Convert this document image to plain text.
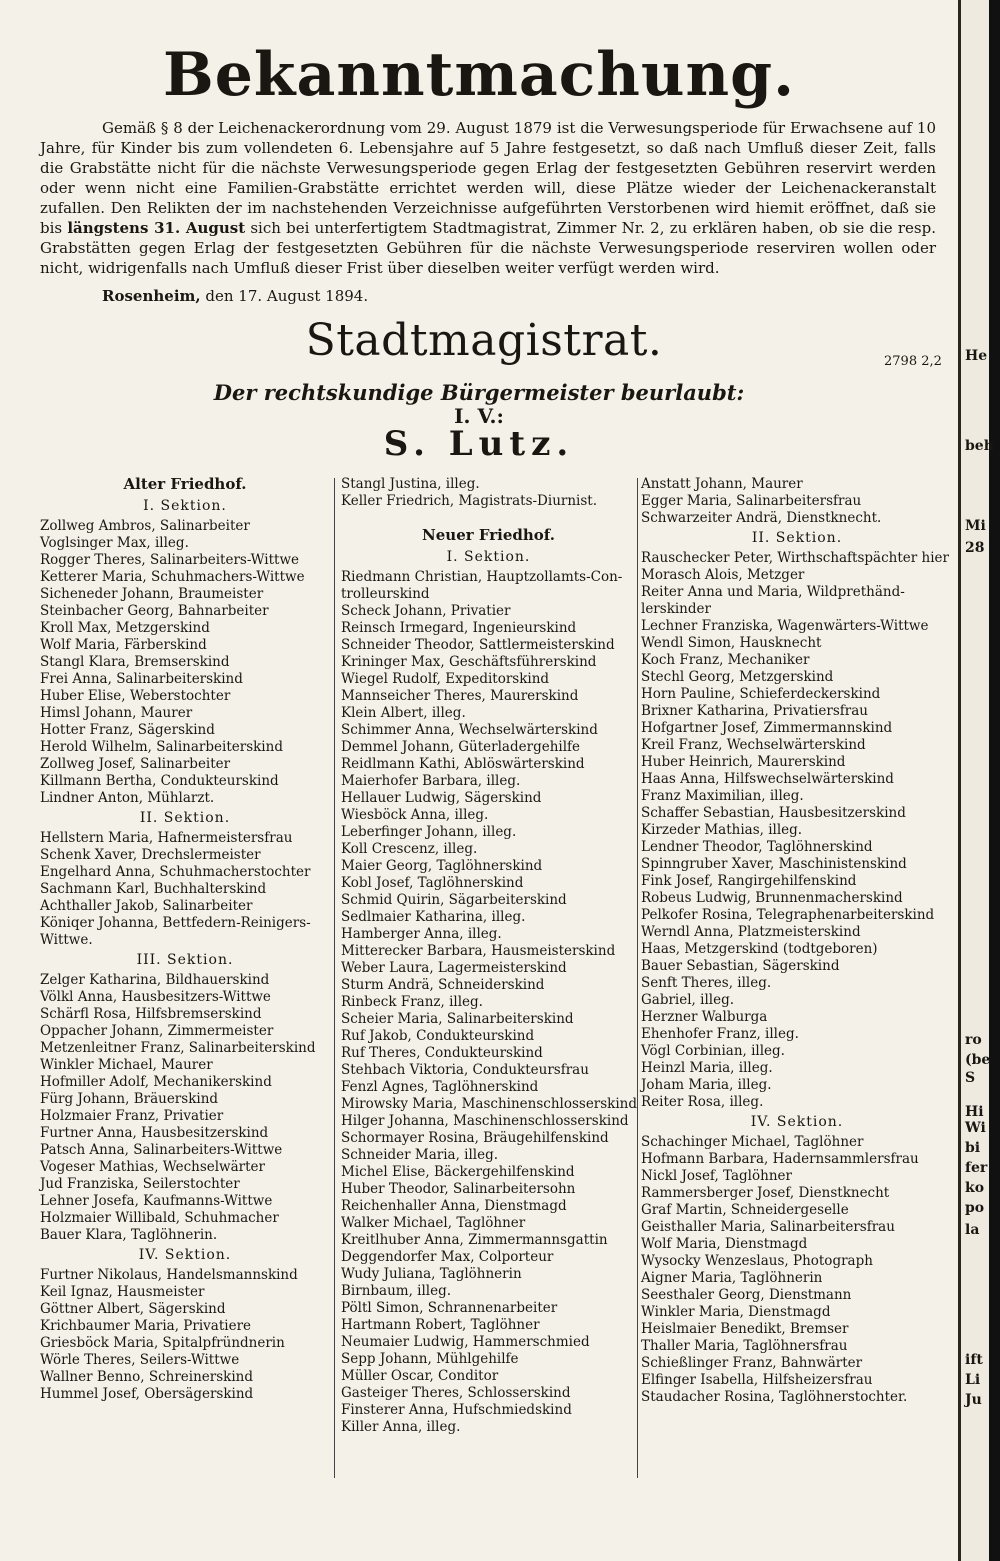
Bekanntmachung.

Gemäß § 8 der Leichenackerordnung vom 29. August 1879 ist die Verwesungsperiode für Erwachsene auf 10 Jahre, für Kinder bis zum vollendeten 6. Lebensjahre auf 5 Jahre festgesetzt, so daß nach Umfluß dieser Zeit, falls die Grabstätte nicht für die nächste Verwesungsperiode gegen Erlag der festgesetzten Gebühren reservirt werden oder wenn nicht eine Familien-Grabstätte errichtet werden will, diese Plätze wieder der Leichenackeranstalt zufallen. Den Relikten der im nachstehenden Verzeichnisse aufgeführten Verstorbenen wird hiemit eröffnet, daß sie bis längstens 31. August sich bei unterfertigtem Stadtmagistrat, Zimmer Nr. 2, zu erklären haben, ob sie die resp. Grabstätten gegen Erlag der festgesetzten Gebühren für die nächste Verwesungsperiode reserviren wollen oder nicht, widrigenfalls nach Umfluß dieser Frist über dieselben weiter verfügt werden wird.

Rosenheim, den 17. August 1894.
Stadtmagistrat.	2798 2,2
Der rechtskundige Bürgermeister beurlaubt:
I. V.:
S. Lutz.
Alter Friedhof.
I. Sektion.
Zollweg Ambros, Salinarbeiter
Voglsinger Max, illeg.
Rogger Theres, Salinarbeiters-Wittwe
Ketterer Maria, Schuhmachers-Wittwe
Sicheneder Johann, Braumeister
Steinbacher Georg, Bahnarbeiter
Kroll Max, Metzgerskind
Wolf Maria, Färberskind
Stangl Klara, Bremserskind
Frei Anna, Salinarbeiterskind
Huber Elise, Weberstochter
Himsl Johann, Maurer
Hotter Franz, Sägerskind
Herold Wilhelm, Salinarbeiterskind
Zollweg Josef, Salinarbeiter
Killmann Bertha, Condukteurskind
Lindner Anton, Mühlarzt.
II. Sektion.
Hellstern Maria, Hafnermeistersfrau
Schenk Xaver, Drechslermeister
Engelhard Anna, Schuhmacherstochter
Sachmann Karl, Buchhalterskind
Achthaller Jakob, Salinarbeiter
Köniqer Johanna, Bettfedern-Reinigers-
Wittwe.
III. Sektion.
Zelger Katharina, Bildhauerskind
Völkl Anna, Hausbesitzers-Wittwe
Schärfl Rosa, Hilfsbremserskind
Oppacher Johann, Zimmermeister
Metzenleitner Franz, Salinarbeiterskind
Winkler Michael, Maurer
Hofmiller Adolf, Mechanikerskind
Fürg Johann, Bräuerskind
Holzmaier Franz, Privatier
Furtner Anna, Hausbesitzerskind
Patsch Anna, Salinarbeiters-Wittwe
Vogeser Mathias, Wechselwärter
Jud Franziska, Seilerstochter
Lehner Josefa, Kaufmanns-Wittwe
Holzmaier Willibald, Schuhmacher
Bauer Klara, Taglöhnerin.
IV. Sektion.
Furtner Nikolaus, Handelsmannskind
Keil Ignaz, Hausmeister
Göttner Albert, Sägerskind
Krichbaumer Maria, Privatiere
Griesböck Maria, Spitalpfründnerin
Wörle Theres, Seilers-Wittwe
Wallner Benno, Schreinerskind
Hummel Josef, Obersägerskind
Stangl Justina, illeg.
Keller Friedrich, Magistrats-Diurnist.
Neuer Friedhof.
I. Sektion.
Riedmann Christian, Hauptzollamts-Con-
trolleurskind
Scheck Johann, Privatier
Reinsch Irmegard, Ingenieurskind
Schneider Theodor, Sattlermeisterskind
Krininger Max, Geschäftsführerskind
Wiegel Rudolf, Expeditorskind
Mannseicher Theres, Maurerskind
Klein Albert, illeg.
Schimmer Anna, Wechselwärterskind
Demmel Johann, Güterladergehilfe
Reidlmann Kathi, Ablöswärterskind
Maierhofer Barbara, illeg.
Hellauer Ludwig, Sägerskind
Wiesböck Anna, illeg.
Leberfinger Johann, illeg.
Koll Crescenz, illeg.
Maier Georg, Taglöhnerskind
Kobl Josef, Taglöhnerskind
Schmid Quirin, Sägarbeiterskind
Sedlmaier Katharina, illeg.
Hamberger Anna, illeg.
Mitterecker Barbara, Hausmeisterskind
Weber Laura, Lagermeisterskind
Sturm Andrä, Schneiderskind
Rinbeck Franz, illeg.
Scheier Maria, Salinarbeiterskind
Ruf Jakob, Condukteurskind
Ruf Theres, Condukteurskind
Stehbach Viktoria, Condukteursfrau
Fenzl Agnes, Taglöhnerskind
Mirowsky Maria, Maschinenschlosserskind
Hilger Johanna, Maschinenschlosserskind
Schormayer Rosina, Bräugehilfenskind
Schneider Maria, illeg.
Michel Elise, Bäckergehilfenskind
Huber Theodor, Salinarbeitersohn
Reichenhaller Anna, Dienstmagd
Walker Michael, Taglöhner
Kreitlhuber Anna, Zimmermannsgattin
Deggendorfer Max, Colporteur
Wudy Juliana, Taglöhnerin
Birnbaum, illeg.
Pöltl Simon, Schrannenarbeiter
Hartmann Robert, Taglöhner
Neumaier Ludwig, Hammerschmied
Sepp Johann, Mühlgehilfe
Müller Oscar, Conditor
Gasteiger Theres, Schlosserskind
Finsterer Anna, Hufschmiedskind
Killer Anna, illeg.
Anstatt Johann, Maurer
Egger Maria, Salinarbeitersfrau
Schwarzeiter Andrä, Dienstknecht.
II. Sektion.
Rauschecker Peter, Wirthschaftspächter hier
Morasch Alois, Metzger
Reiter Anna und Maria, Wildprethänd-
lerskinder
Lechner Franziska, Wagenwärters-Wittwe
Wendl Simon, Hausknecht
Koch Franz, Mechaniker
Stechl Georg, Metzgerskind
Horn Pauline, Schieferdeckerskind
Brixner Katharina, Privatiersfrau
Hofgartner Josef, Zimmermannskind
Kreil Franz, Wechselwärterskind
Huber Heinrich, Maurerskind
Haas Anna, Hilfswechselwärterskind
Franz Maximilian, illeg.
Schaffer Sebastian, Hausbesitzerskind
Kirzeder Mathias, illeg.
Lendner Theodor, Taglöhnerskind
Spinngruber Xaver, Maschinistenskind
Fink Josef, Rangirgehilfenskind
Robeus Ludwig, Brunnenmacherskind
Pelkofer Rosina, Telegraphenarbeiterskind
Werndl Anna, Platzmeisterskind
Haas, Metzgerskind (todtgeboren)
Bauer Sebastian, Sägerskind
Senft Theres, illeg.
Gabriel, illeg.
Herzner Walburga
Ehenhofer Franz, illeg.
Vögl Corbinian, illeg.
Heinzl Maria, illeg.
Joham Maria, illeg.
Reiter Rosa, illeg.
IV. Sektion.
Schachinger Michael, Taglöhner
Hofmann Barbara, Hadernsammlersfrau
Nickl Josef, Taglöhner
Rammersberger Josef, Dienstknecht
Graf Martin, Schneidergeselle
Geisthaller Maria, Salinarbeitersfrau
Wolf Maria, Dienstmagd
Wysocky Wenzeslaus, Photograph
Aigner Maria, Taglöhnerin
Seesthaler Georg, Dienstmann
Winkler Maria, Dienstmagd
Heislmaier Benedikt, Bremser
Thaller Maria, Taglöhnersfrau
Schießlinger Franz, Bahnwärter
Elfinger Isabella, Hilfsheizersfrau
Staudacher Rosina, Taglöhnerstochter.
He
beh
Mi
28
ro
(be
S
Hi
Wi
bi
fer
ko
po
la
ift
Li
Ju
